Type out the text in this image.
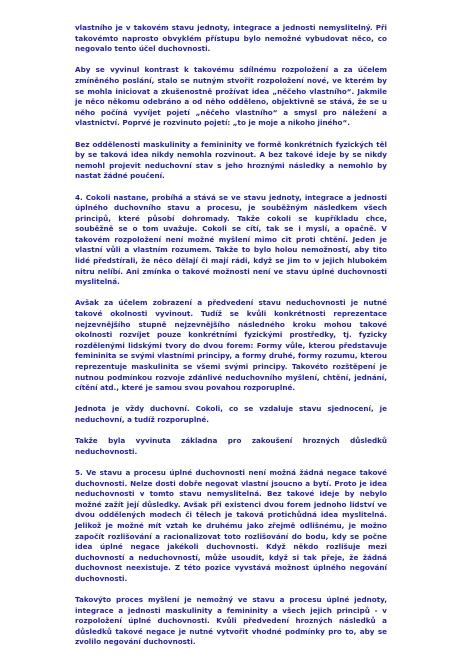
vlastního je v takovém stavu jednoty, integrace a jednosti nemyslitelný. Při takovémto naprosto obvyklém přístupu bylo nemožné vybudovat něco, co negovalo tento účel duchovnosti.

Aby se vyvinul kontrast k takovému sdílnému rozpoložení a za účelem zmíněného poslání, stalo se nutným stvořit rozpoložení nové, ve kterém by se mohla iniciovat a zkušenostně prožívat idea „něčeho vlastního“. Jakmile je něco někomu odebráno a od něho odděleno, objektivně se stává, že se u něho počíná vyvíjet pojetí „něčeho vlastního“ a smysl pro náležení a vlastnictví. Poprvé je rozvinuto pojetí: „to je moje a nikoho jiného“.

Bez oddělenosti maskulinity a femininity ve formě konkrétních fyzických těl by se taková idea nikdy nemohla rozvinout. A bez takové ideje by se nikdy nemohl projevit neduchovní stav s jeho hroznými následky a nemohlo by nastat žádné poučení.

4. Cokoli nastane, probíhá a stává se ve stavu jednoty, integrace a jednosti úplného duchovního stavu a procesu, je souběžným následkem všech principů, které působí dohromady. Takže cokoli se kupříkladu chce, souběžně se o tom uvažuje. Cokoli se cítí, tak se i myslí, a opačně. V takovém rozpoložení není možné myšlení mimo cit proti chtění. Jeden je vlastní vůli a vlastním rozumem. Takže to bylo holou nemožností, aby tito lidé předstírali, že něco dělají či mají rádi, když se jim to v jejich hlubokém nitru nelíbí. Ani zmínka o takové možnosti není ve stavu úplné duchovnosti myslitelná.

Avšak za účelem zobrazení a předvedení stavu neduchovnosti je nutné takové okolnosti vyvinout. Tudíž se kvůli konkrétnosti reprezentace nejzevnějšího stupně nejzevnějšího následného kroku mohou takové okolnosti rozvíjet pouze konkrétními fyzickými prostředky, tj. fyzicky rozdělenými lidskými tvory do dvou forem: Formy vůle, kterou představuje femininita se svými vlastními principy, a formy druhé, formy rozumu, kterou reprezentuje maskulinita se všemi svými principy. Takovéto rozštěpení je nutnou podmínkou rozvoje zdánlivé neduchovního myšlení, chtění, jednání, cítění atd., které je samou svou povahou rozporuplné.

Jednota je vždy duchovní. Cokoli, co se vzdaluje stavu sjednocení, je neduchovní, a tudíž rozporuplné.

Takže byla vyvinuta základna pro zakoušení hrozných důsledků neduchovnosti.

5. Ve stavu a procesu úplné duchovnosti není možná žádná negace takové duchovnosti. Nelze dosti dobře negovat vlastní jsoucno a bytí. Proto je idea neduchovnosti v tomto stavu nemyslitelná. Bez takové ideje by nebylo možné zažít její důsledky. Avšak při existenci dvou forem jednoho lidství ve dvou oddělených modech či tělech je taková protichůdná idea myslitelná. Jelikož je možné mít vztah ke druhému jako zřejmě odlišnému, je možno započít rozlišování a racionalizovat toto rozlišování do bodu, kdy se počne idea úplné negace jakékoli duchovnosti. Když někdo rozlišuje mezi duchovností a neduchovností, může usoudit, když si tak přeje, že žádná duchovnost neexistuje. Z této pozice vyvstává možnost úplného negování duchovnosti.

Takovýto proces myšlení je nemožný ve stavu a procesu úplné jednoty, integrace a jednosti maskulinity a femininity a všech jejich principů - v rozpoložení úplné duchovnosti. Kvůli předvedení hrozných následků a důsledků takové negace je nutné vytvořit vhodné podmínky pro to, aby se zvolilo negování duchovnosti.
